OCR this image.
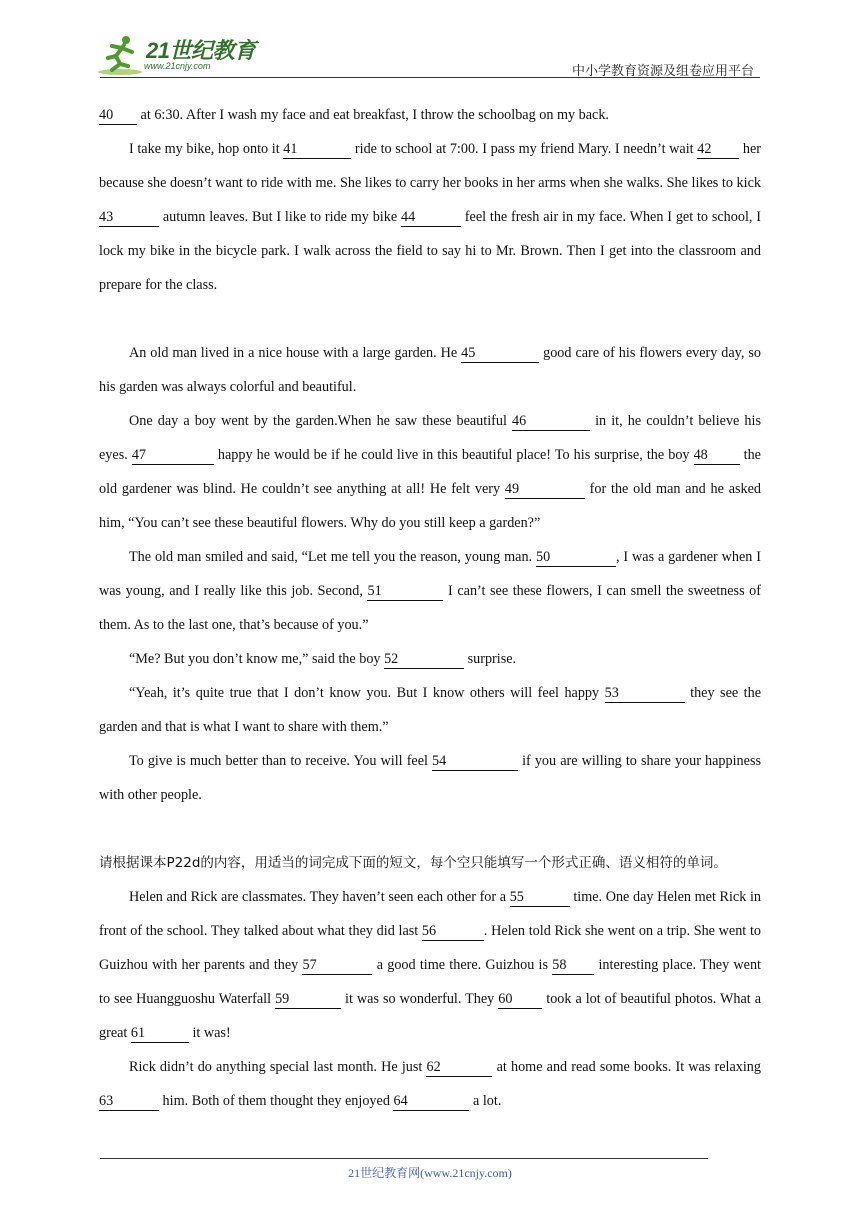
21世纪教育
www.21cnjy.com	中小学教育资源及组卷应用平台

40 at 6:30. After I wash my face and eat breakfast, I throw the schoolbag on my back.

I take my bike, hop onto it 41	ride to school at 7:00. I pass my friend Mary. I needn’t wait 42 her because she doesn’t want to ride with me. She likes to carry her books in her arms when she walks. She likes to kick 43	autumn leaves. But I like to ride my bike 44	feel the fresh air in my face. When I get to school, I lock my bike in the bicycle park. I walk across the field to say hi to Mr. Brown. Then I get into the classroom and prepare for the class.

An old man lived in a nice house with a large garden. He 45	good care of his flowers every day, so his garden was always colorful and beautiful.

One day a boy went by the garden.When he saw these beautiful 46	in it, he couldn’t believe his eyes. 47	happy he would be if he could live in this beautiful place! To his surprise, the boy 48 the old gardener was blind. He couldn’t see anything at all! He felt very 49	for the old man and he asked him, “You can’t see these beautiful flowers. Why do you still keep a garden?”

The old man smiled and said, “Let me tell you the reason, young man. 50	, I was a gardener when I was young, and I really like this job. Second, 51	I can’t see these flowers, I can smell the sweetness of them. As to the last one, that’s because of you.”

“Me? But you don’t know me,” said the boy 52	surprise.

“Yeah, it’s quite true that I don’t know you. But I know others will feel happy 53	they see the garden and that is what I want to share with them.”

To give is much better than to receive. You will feel 54	if you are willing to share your happiness with other people.

请根据课本P22d的内容，用适当的词完成下面的短文，每个空只能填写一个形式正确、语义相符的单词。

Helen and Rick are classmates. They haven’t seen each other for a 55	time. One day Helen met Rick in front of the school. They talked about what they did last 56	. Helen told Rick she went on a trip. She went to Guizhou with her parents and they 57	a good time there. Guizhou is 58 interesting place. They went to see Huangguoshu Waterfall 59	it was so wonderful. They 60 took a lot of beautiful photos. What a great 61	it was!

Rick didn’t do anything special last month. He just 62	at home and read some books. It was relaxing 63	him. Both of them thought they enjoyed 64	a lot.

21世纪教育网(www.21cnjy.com)
